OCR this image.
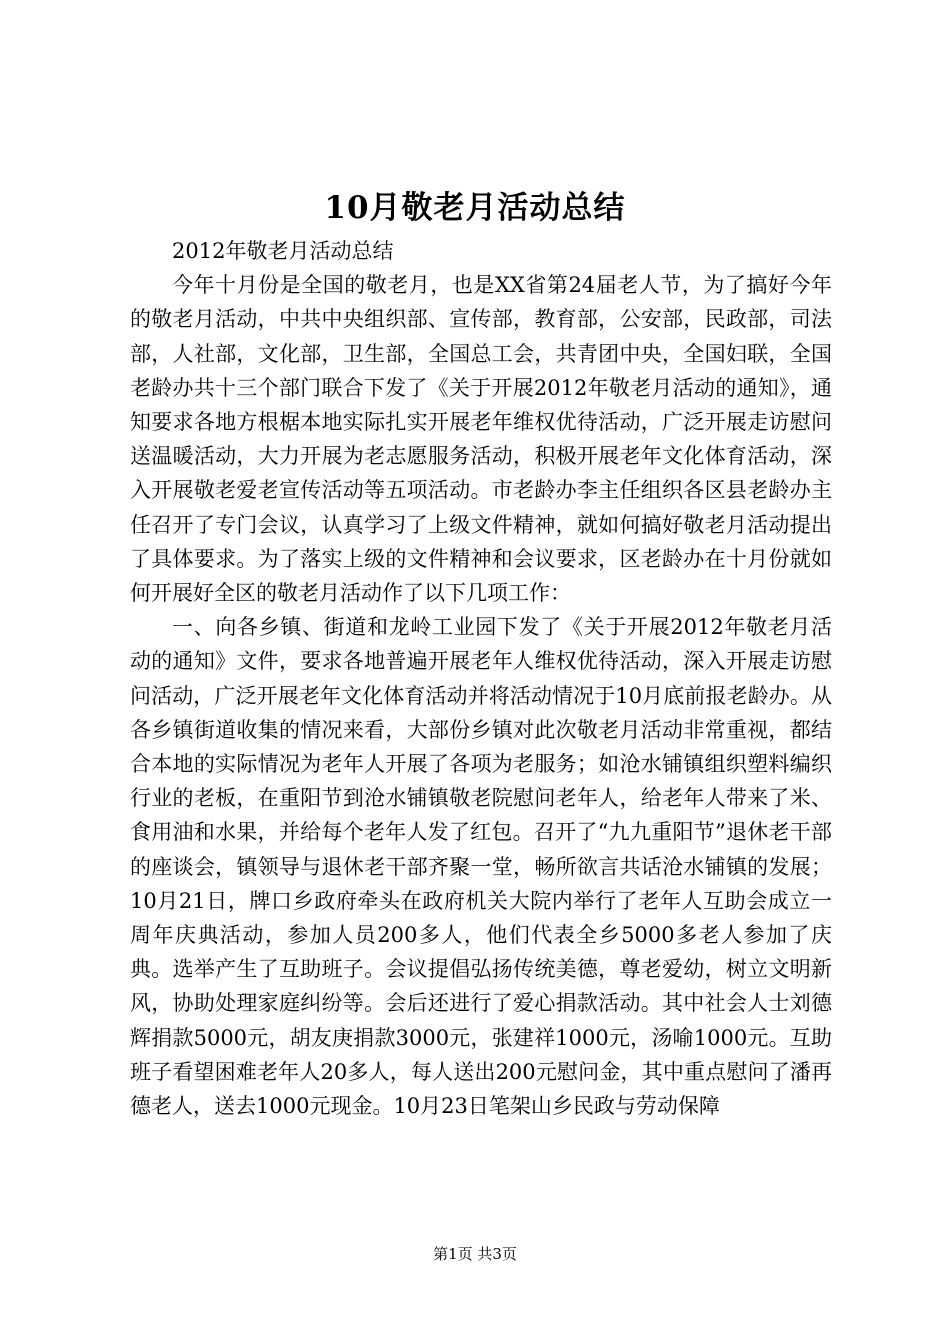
10月敬老月活动总结

2012年敬老月活动总结

今年十月份是全国的敬老月，也是XX省第24届老人节，为了搞好今年的敬老月活动，中共中央组织部、宣传部，教育部，公安部，民政部，司法部，人社部，文化部，卫生部，全国总工会，共青团中央，全国妇联，全国老龄办共十三个部门联合下发了《关于开展2012年敬老月活动的通知》，通知要求各地方根椐本地实际扎实开展老年维权优待活动，广泛开展走访慰问送温暖活动，大力开展为老志愿服务活动，积极开展老年文化体育活动，深入开展敬老爱老宣传活动等五项活动。市老龄办李主任组织各区县老龄办主任召开了专门会议，认真学习了上级文件精神，就如何搞好敬老月活动提出了具体要求。为了落实上级的文件精神和会议要求，区老龄办在十月份就如何开展好全区的敬老月活动作了以下几项工作：

一、向各乡镇、街道和龙岭工业园下发了《关于开展2012年敬老月活动的通知》文件，要求各地普遍开展老年人维权优待活动，深入开展走访慰问活动，广泛开展老年文化体育活动并将活动情况于10月底前报老龄办。从各乡镇街道收集的情况来看，大部份乡镇对此次敬老月活动非常重视，都结合本地的实际情况为老年人开展了各项为老服务；如沧水铺镇组织塑料编织行业的老板，在重阳节到沧水铺镇敬老院慰问老年人，给老年人带来了米、食用油和水果，并给每个老年人发了红包。召开了“九九重阳节”退休老干部的座谈会，镇领导与退休老干部齐聚一堂，畅所欲言共话沧水铺镇的发展；10月21日，牌口乡政府牵头在政府机关大院内举行了老年人互助会成立一周年庆典活动，参加人员200多人，他们代表全乡5000多老人参加了庆典。选举产生了互助班子。会议提倡弘扬传统美德，尊老爱幼，树立文明新风，协助处理家庭纠纷等。会后还进行了爱心捐款活动。其中社会人士刘德辉捐款5000元，胡友庚捐款3000元，张建祥1000元，汤喻1000元。互助班子看望困难老年人20多人，每人送出200元慰问金，其中重点慰问了潘再德老人，送去1000元现金。10月23日笔架山乡民政与劳动保障

第1页 共3页
